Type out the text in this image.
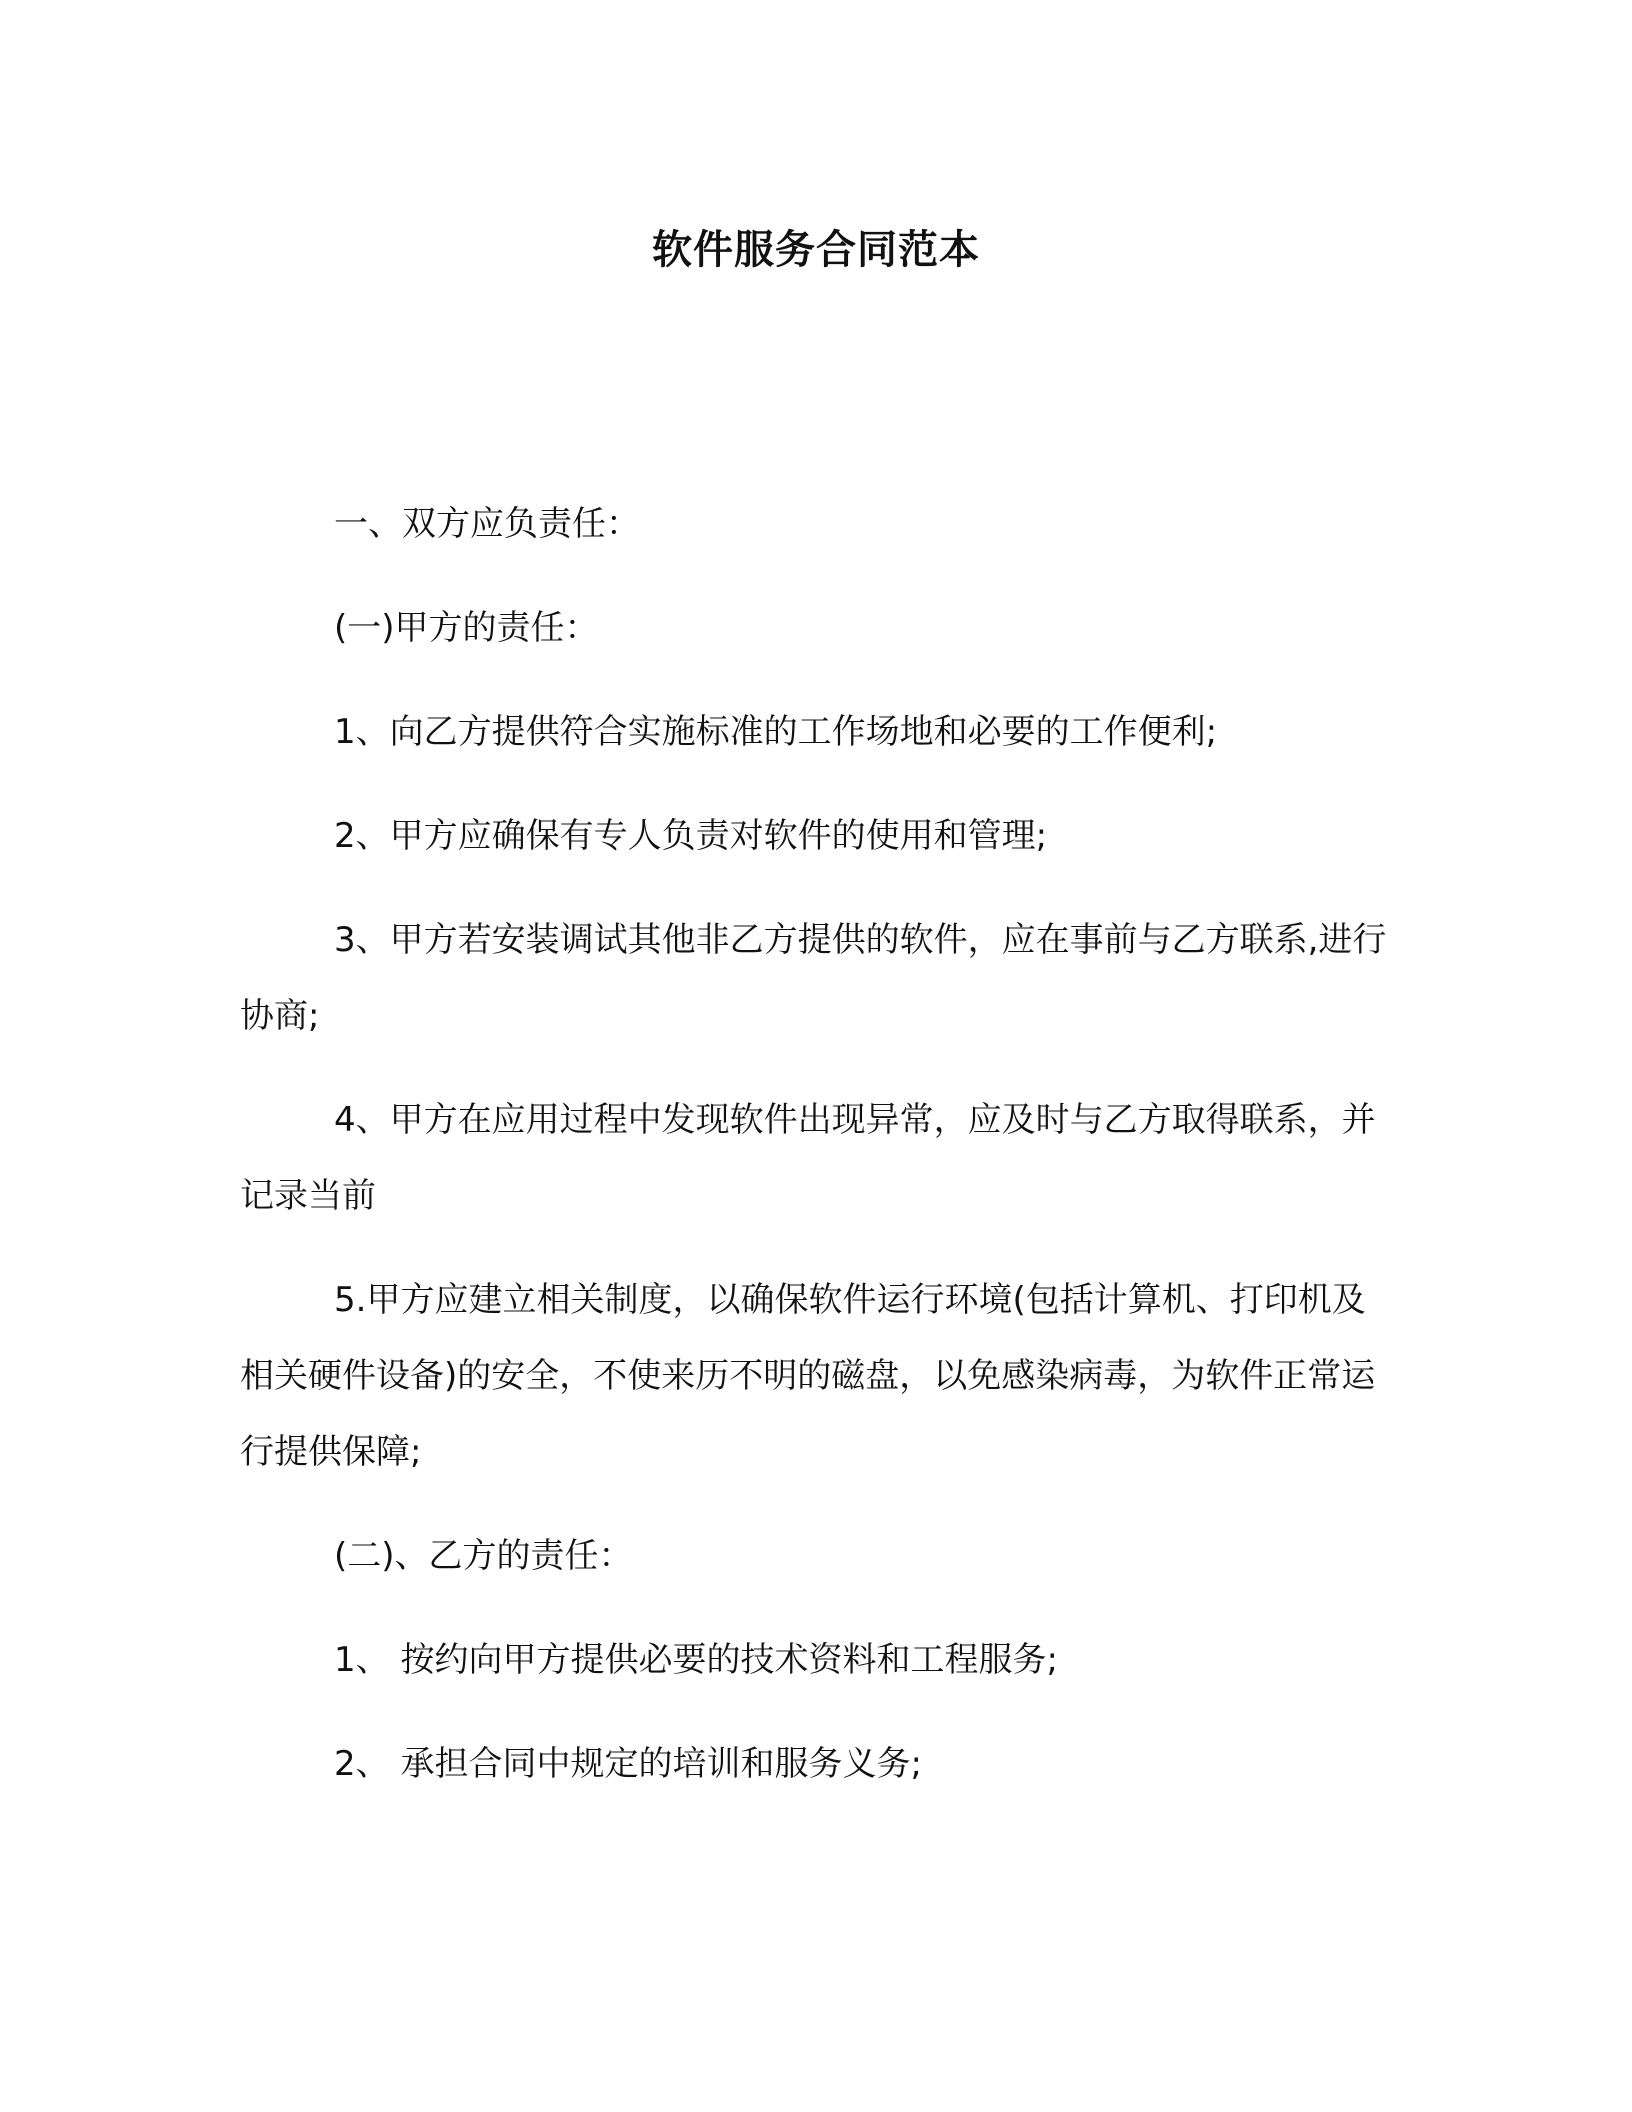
软件服务合同范本

一、双方应负责任：

(一)甲方的责任：

1、向乙方提供符合实施标准的工作场地和必要的工作便利;

2、甲方应确保有专人负责对软件的使用和管理;

3、甲方若安装调试其他非乙方提供的软件，应在事前与乙方联系,进行协商;

4、甲方在应用过程中发现软件出现异常，应及时与乙方取得联系，并记录当前

5.甲方应建立相关制度，以确保软件运行环境(包括计算机、打印机及相关硬件设备)的安全，不使来历不明的磁盘，以免感染病毒，为软件正常运行提供保障;

(二)、乙方的责任：

1、 按约向甲方提供必要的技术资料和工程服务;

2、 承担合同中规定的培训和服务义务;
